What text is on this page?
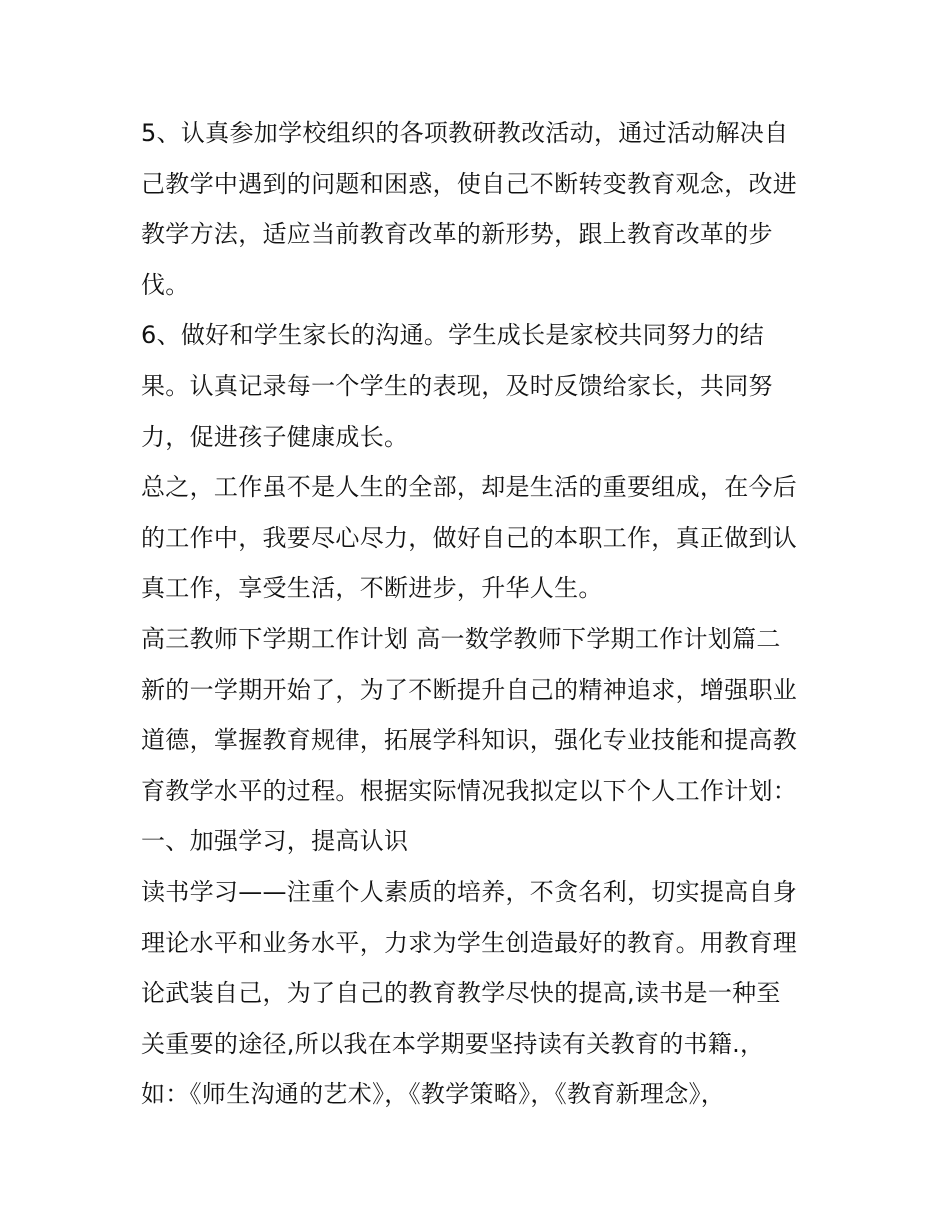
5、认真参加学校组织的各项教研教改活动，通过活动解决自
己教学中遇到的问题和困惑，使自己不断转变教育观念，改进
教学方法，适应当前教育改革的新形势，跟上教育改革的步
伐。
6、做好和学生家长的沟通。学生成长是家校共同努力的结
果。认真记录每一个学生的表现，及时反馈给家长，共同努
力，促进孩子健康成长。
总之，工作虽不是人生的全部，却是生活的重要组成，在今后
的工作中，我要尽心尽力，做好自己的本职工作，真正做到认
真工作，享受生活，不断进步，升华人生。
高三教师下学期工作计划 高一数学教师下学期工作计划篇二
新的一学期开始了，为了不断提升自己的精神追求，增强职业
道德，掌握教育规律，拓展学科知识，强化专业技能和提高教
育教学水平的过程。根据实际情况我拟定以下个人工作计划：
一、加强学习，提高认识
读书学习——注重个人素质的培养，不贪名利，切实提高自身
理论水平和业务水平，力求为学生创造最好的教育。用教育理
论武装自己，为了自己的教育教学尽快的提高,读书是一种至
关重要的途径,所以我在本学期要坚持读有关教育的书籍.，
如：《师生沟通的艺术》，《教学策略》，《教育新理念》，
